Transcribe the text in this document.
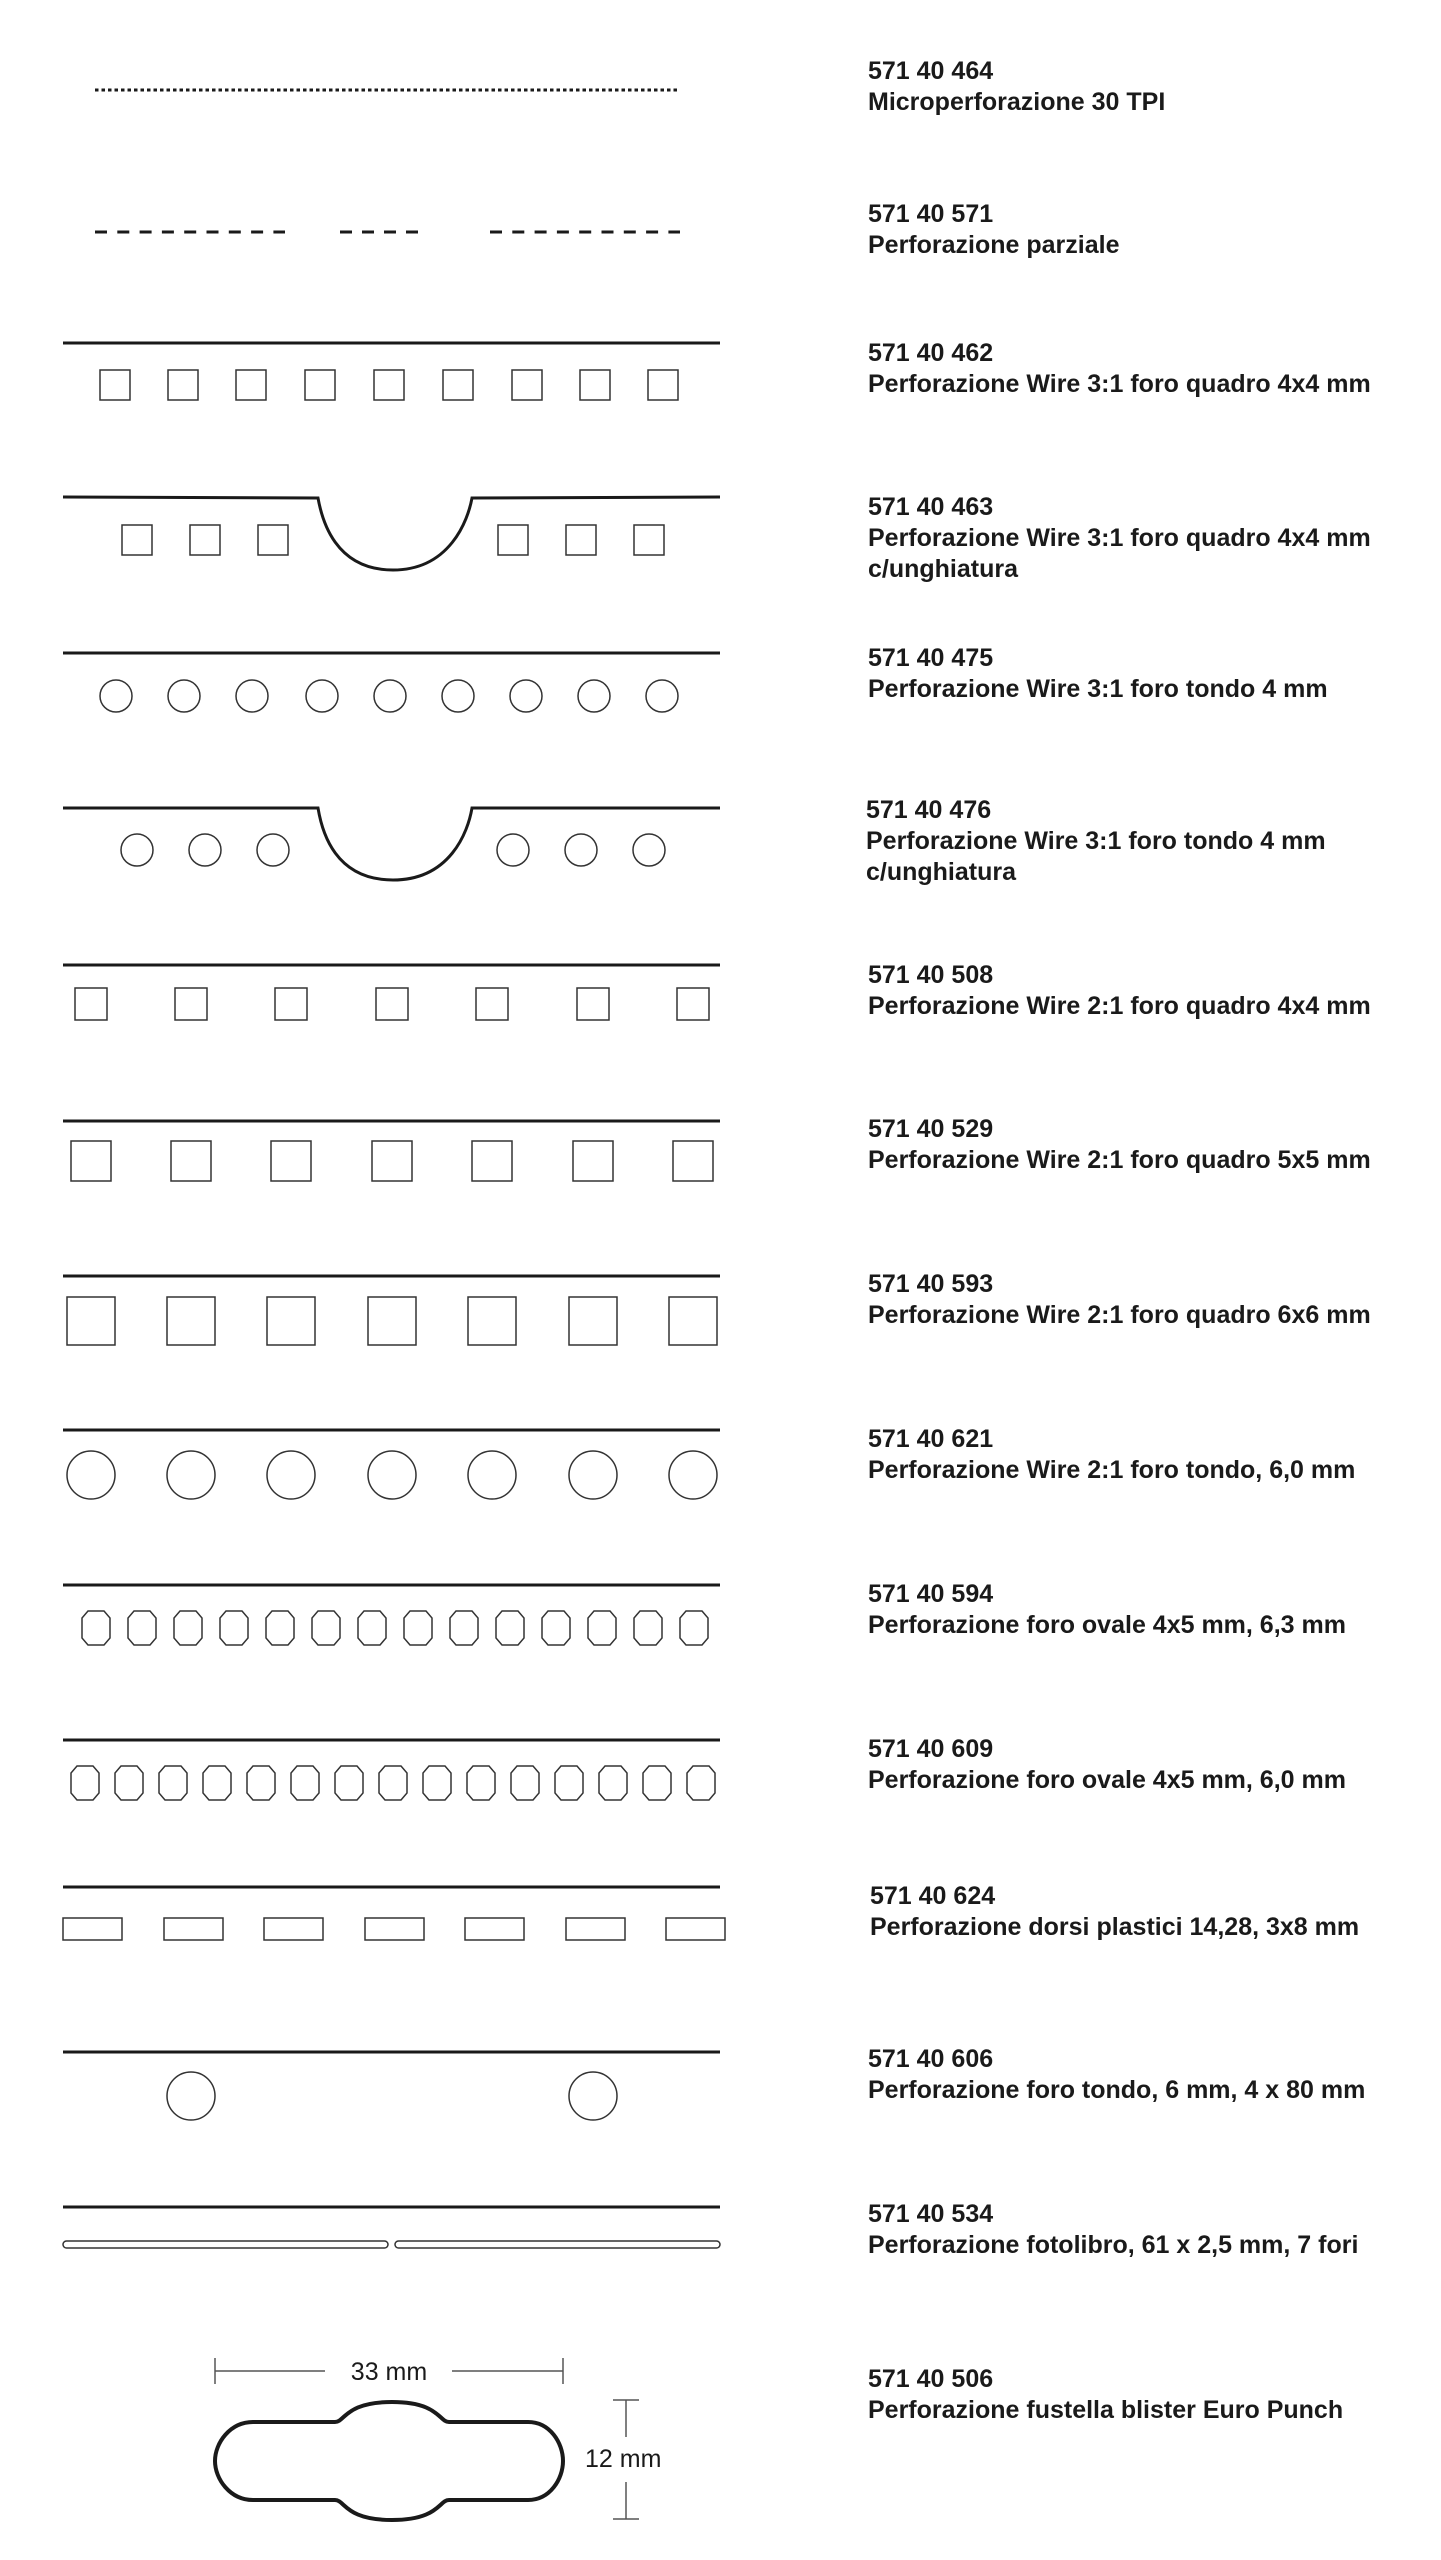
571 40 464
Microperforazione 30 TPI
571 40 571
Perforazione parziale
571 40 462
Perforazione Wire 3:1 foro quadro 4x4 mm
571 40 463
Perforazione Wire 3:1 foro quadro 4x4 mm
c/unghiatura
571 40 475
Perforazione Wire 3:1 foro tondo 4 mm
571 40 476
Perforazione Wire 3:1 foro tondo 4 mm
c/unghiatura
571 40 508
Perforazione Wire 2:1 foro quadro 4x4 mm
571 40 529
Perforazione Wire 2:1 foro quadro 5x5 mm
571 40 593
Perforazione Wire 2:1 foro quadro 6x6 mm
571 40 621
Perforazione Wire 2:1 foro tondo, 6,0 mm
571 40 594
Perforazione foro ovale 4x5 mm, 6,3 mm
571 40 609
Perforazione foro ovale 4x5 mm, 6,0 mm
571 40 624
Perforazione dorsi plastici 14,28, 3x8 mm
571 40 606
Perforazione foro tondo, 6 mm, 4 x 80 mm
571 40 534
Perforazione fotolibro, 61 x 2,5 mm, 7 fori
33 mm
12 mm
571 40 506
Perforazione fustella blister Euro Punch
